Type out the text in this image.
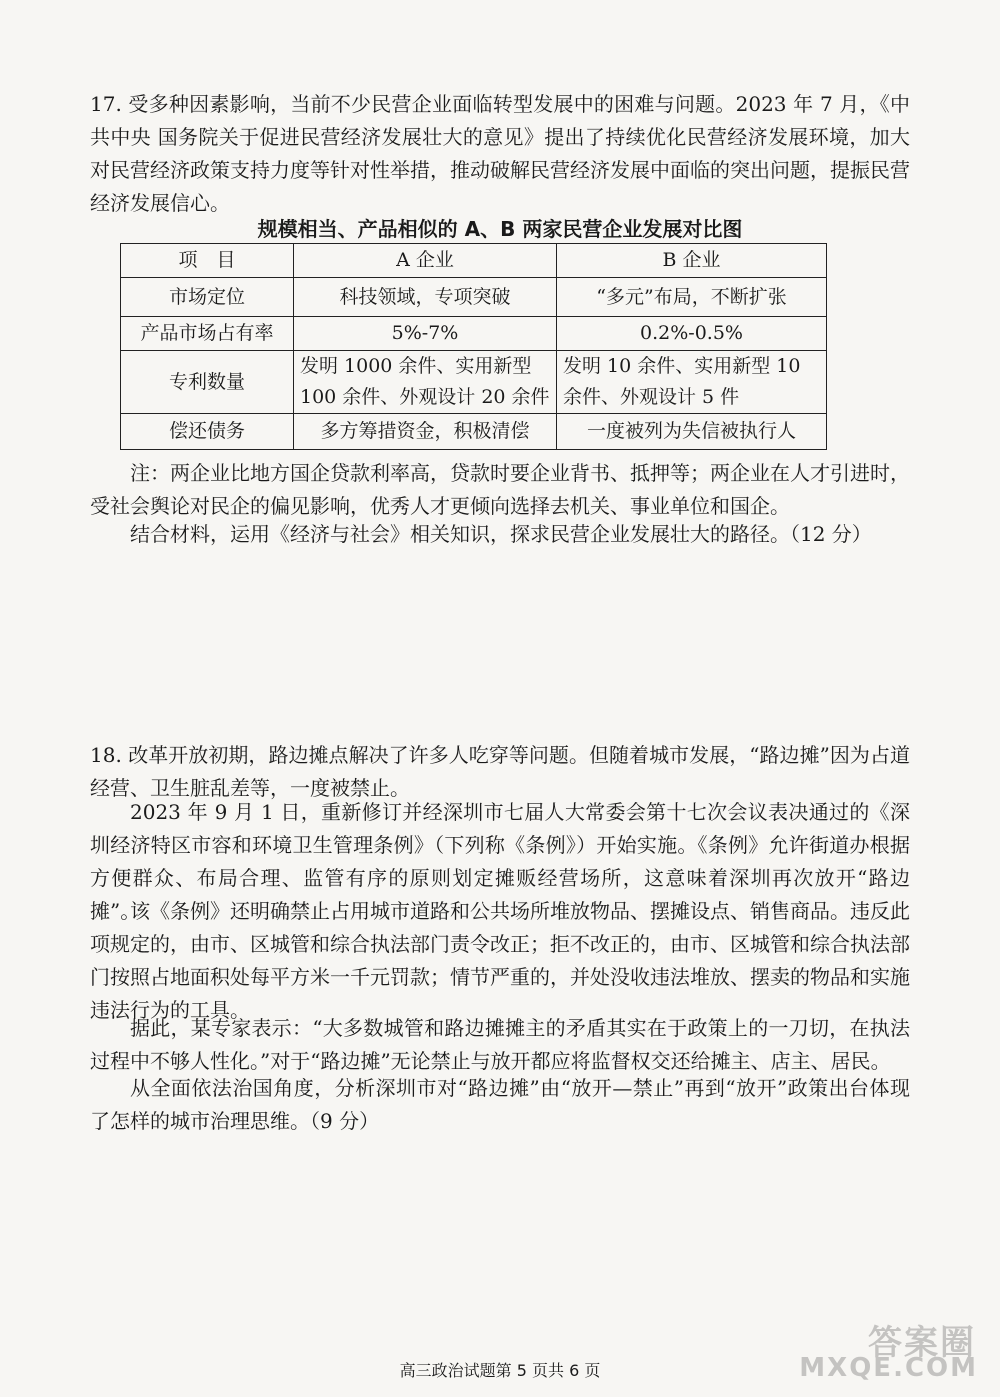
17. 受多种因素影响，当前不少民营企业面临转型发展中的困难与问题。2023 年 7 月，《中共中央 国务院关于促进民营经济发展壮大的意见》提出了持续优化民营经济发展环境，加大对民营经济政策支持力度等针对性举措，推动破解民营经济发展中面临的突出问题，提振民营经济发展信心。

规模相当、产品相似的 A、B 两家民营企业发展对比图
项　目	A 企业	B 企业
市场定位	科技领域，专项突破	“多元”布局，不断扩张
产品市场占有率	5%-7%	0.2%-0.5%
专利数量	发明 1000 余件、实用新型 100 余件、外观设计 20 余件	发明 10 余件、实用新型 10 余件、外观设计 5 件
偿还债务	多方筹措资金，积极清偿	一度被列为失信被执行人

注：两企业比地方国企贷款利率高，贷款时要企业背书、抵押等；两企业在人才引进时，受社会舆论对民企的偏见影响，优秀人才更倾向选择去机关、事业单位和国企。

结合材料，运用《经济与社会》相关知识，探求民营企业发展壮大的路径。（12 分）

18. 改革开放初期，路边摊点解决了许多人吃穿等问题。但随着城市发展，“路边摊”因为占道经营、卫生脏乱差等，一度被禁止。

2023 年 9 月 1 日，重新修订并经深圳市七届人大常委会第十七次会议表决通过的《深圳经济特区市容和环境卫生管理条例》（下列称《条例》）开始实施。《条例》允许街道办根据方便群众、布局合理、监管有序的原则划定摊贩经营场所，这意味着深圳再次放开“路边摊”。

该《条例》还明确禁止占用城市道路和公共场所堆放物品、摆摊设点、销售商品。违反此项规定的，由市、区城管和综合执法部门责令改正；拒不改正的，由市、区城管和综合执法部门按照占地面积处每平方米一千元罚款；情节严重的，并处没收违法堆放、摆卖的物品和实施违法行为的工具。

据此，某专家表示：“大多数城管和路边摊摊主的矛盾其实在于政策上的一刀切，在执法过程中不够人性化。”对于“路边摊”无论禁止与放开都应将监督权交还给摊主、店主、居民。

从全面依法治国角度，分析深圳市对“路边摊”由“放开—禁止”再到“放开”政策出台体现了怎样的城市治理思维。（9 分）

高三政治试题第 5 页共 6 页
答案圈
MXQE.COM
